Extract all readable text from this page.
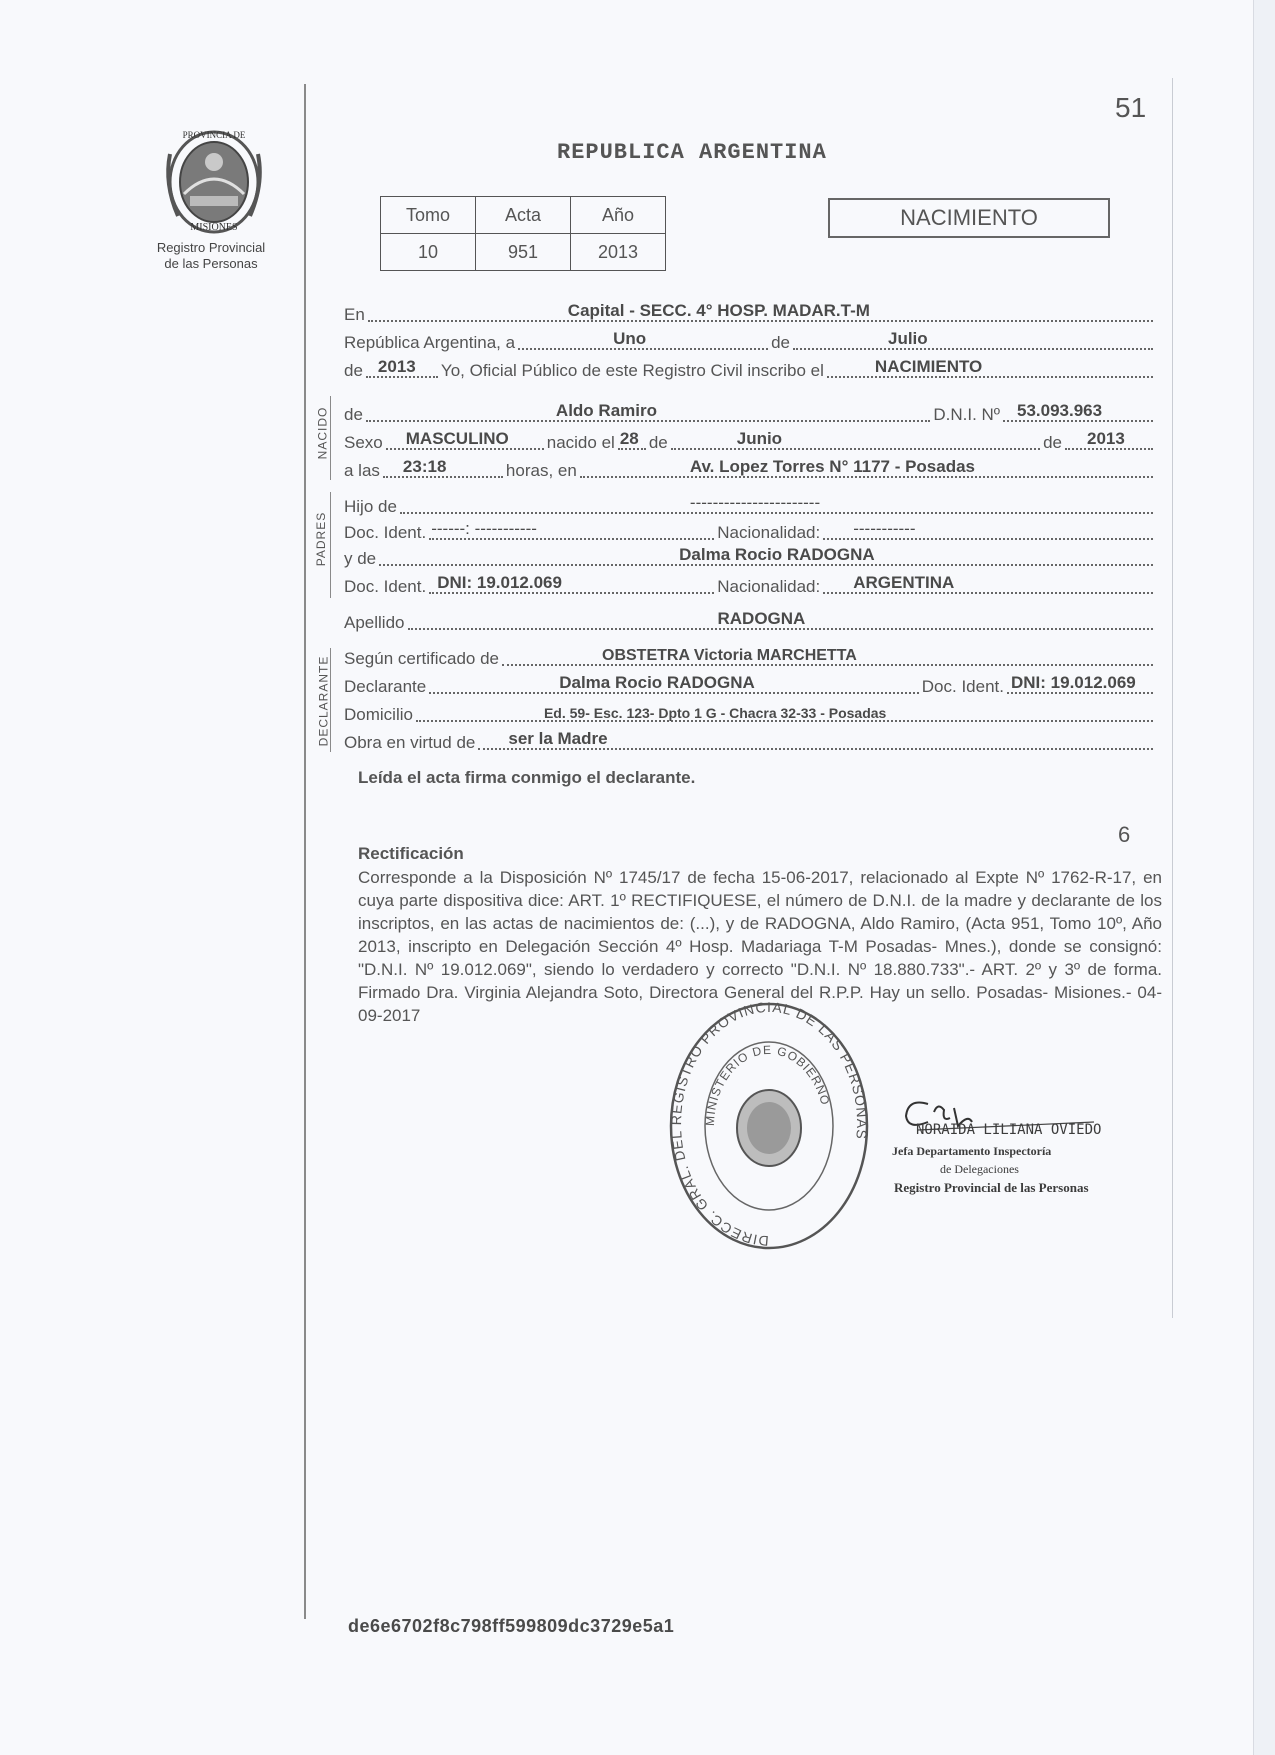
PROVINCIA DE
MISIONES
Registro Provincial
de las Personas
51
REPUBLICA ARGENTINA
Tomo	Acta	Año
10	951	2013
NACIMIENTO
En	Capital - SECC. 4° HOSP. MADAR.T-M
República Argentina, a	Uno	de	Julio
de 2013 Yo, Oficial Público de este Registro Civil inscribo el	NACIMIENTO
NACIDO de	Aldo Ramiro	D.N.I. Nº 53.093.963
Sexo MASCULINO nacido el 28 de	Junio	de 2013
a las 23:18	horas, en	Av. Lopez Torres N° 1177 - Posadas
PADRES
Hijo de	-----------------------
Doc. Ident. ------: -----------	Nacionalidad: -----------
y de	Dalma Rocio RADOGNA
Doc. Ident. DNI: 19.012.069	Nacionalidad: ARGENTINA
Apellido	RADOGNA
DECLARANTE Según certificado de	OBSTETRA Victoria MARCHETTA
Declarante	Dalma Rocio RADOGNA	Doc. Ident. DNI: 19.012.069
Domicilio	Ed. 59- Esc. 123- Dpto 1 G - Chacra 32-33 - Posadas
Obra en virtud de ser la Madre
Leída el acta firma conmigo el declarante.
6
Rectificación
Corresponde a la Disposición Nº 1745/17 de fecha 15-06-2017, relacionado al Expte Nº 1762-R-17, en cuya parte dispositiva dice: ART. 1º RECTIFIQUESE, el número de D.N.I. de la madre y declarante de los inscriptos, en las actas de nacimientos de: (...), y de RADOGNA, Aldo Ramiro, (Acta 951, Tomo 10º, Año 2013, inscripto en Delegación Sección 4º Hosp. Madariaga T-M Posadas- Mnes.), donde se consignó: "D.N.I. Nº 19.012.069", siendo lo verdadero y correcto "D.N.I. Nº 18.880.733".- ART. 2º y 3º de forma. Firmado Dra. Virginia Alejandra Soto, Directora General del R.P.P. Hay un sello. Posadas- Misiones.- 04-09-2017
DIRECC. GRAL. DEL REGISTRO PROVINCIAL DE LAS PERSONAS
MINISTERIO DE GOBIERNO
NORAIDA LILIANA OVIEDO
Jefa Departamento Inspectoría
de Delegaciones
Registro Provincial de las Personas
de6e6702f8c798ff599809dc3729e5a1
